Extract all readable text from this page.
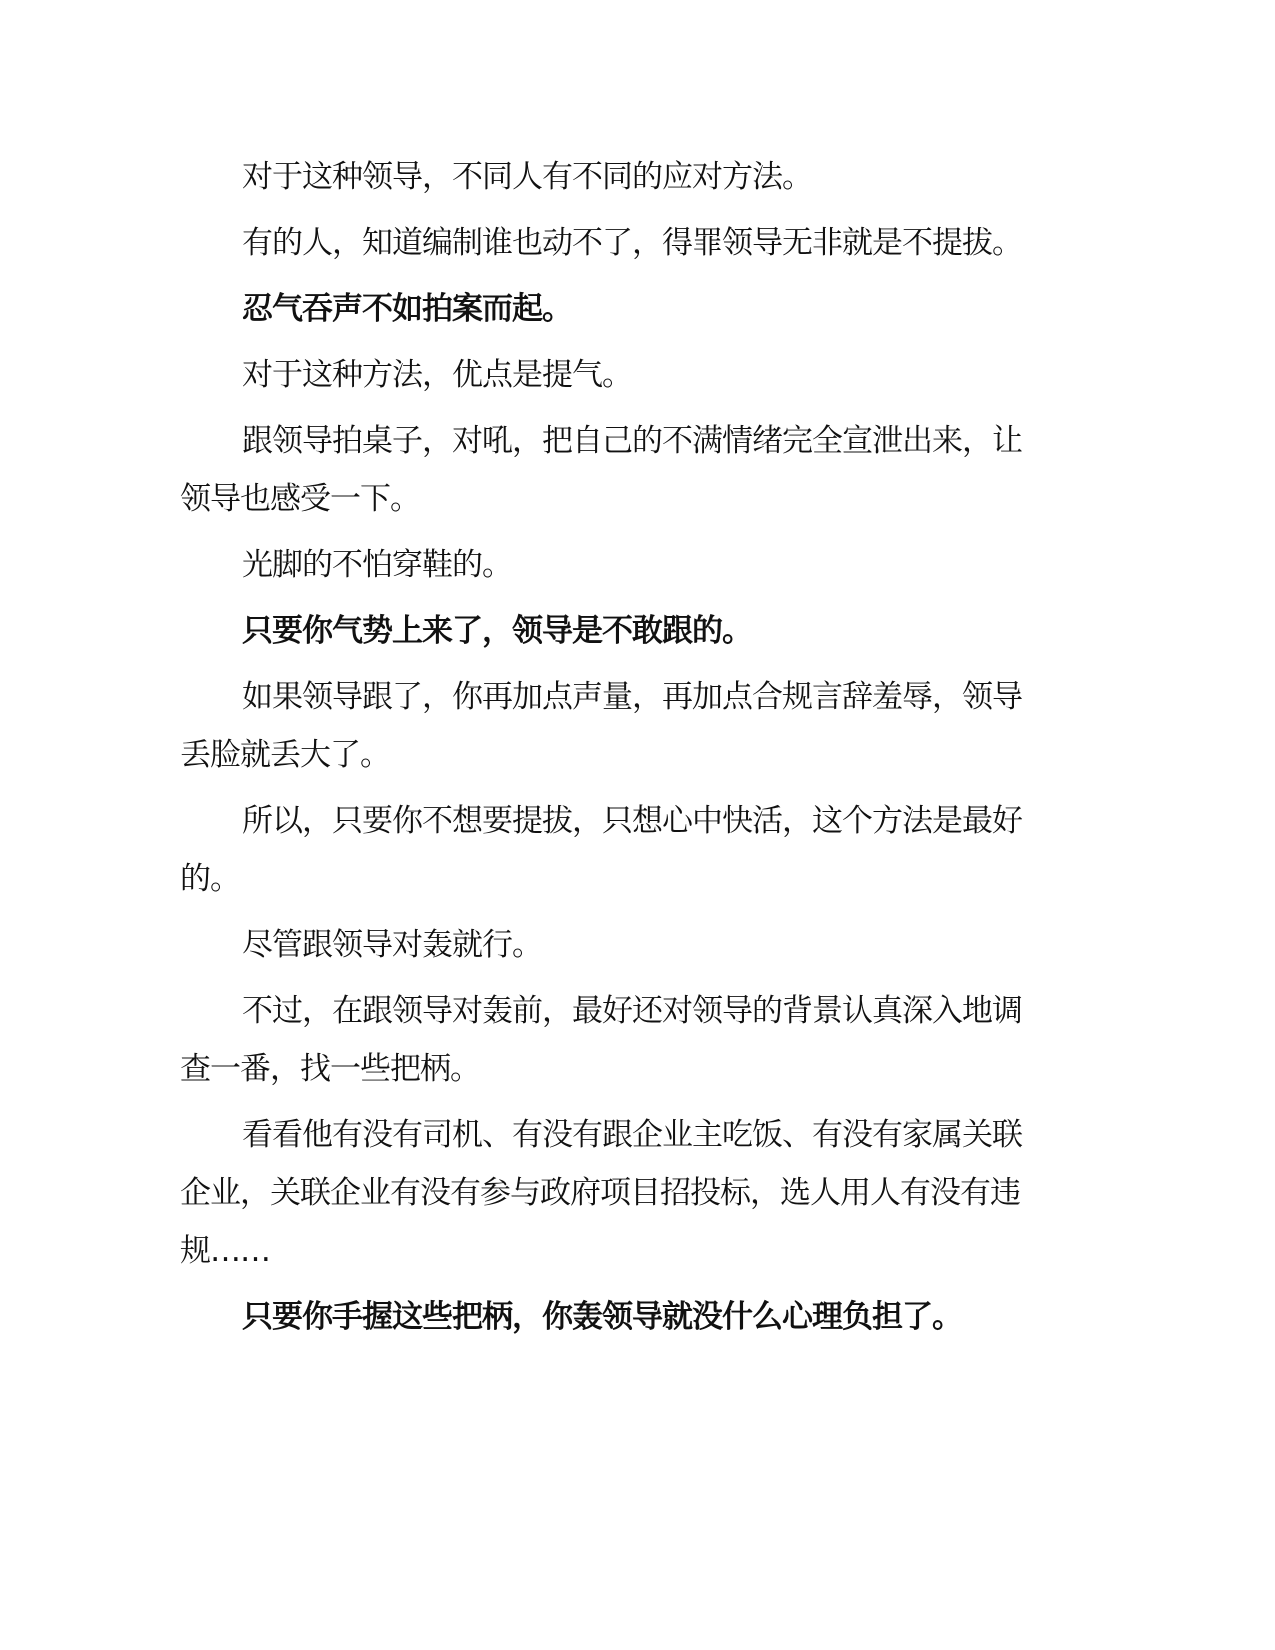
对于这种领导，不同人有不同的应对方法。

有的人，知道编制谁也动不了，得罪领导无非就是不提拔。

忍气吞声不如拍案而起。

对于这种方法，优点是提气。

跟领导拍桌子，对吼，把自己的不满情绪完全宣泄出来，让领导也感受一下。

光脚的不怕穿鞋的。

只要你气势上来了，领导是不敢跟的。

如果领导跟了，你再加点声量，再加点合规言辞羞辱，领导丢脸就丢大了。

所以，只要你不想要提拔，只想心中快活，这个方法是最好的。

尽管跟领导对轰就行。

不过，在跟领导对轰前，最好还对领导的背景认真深入地调查一番，找一些把柄。

看看他有没有司机、有没有跟企业主吃饭、有没有家属关联企业，关联企业有没有参与政府项目招投标，选人用人有没有违规……

只要你手握这些把柄，你轰领导就没什么心理负担了。
